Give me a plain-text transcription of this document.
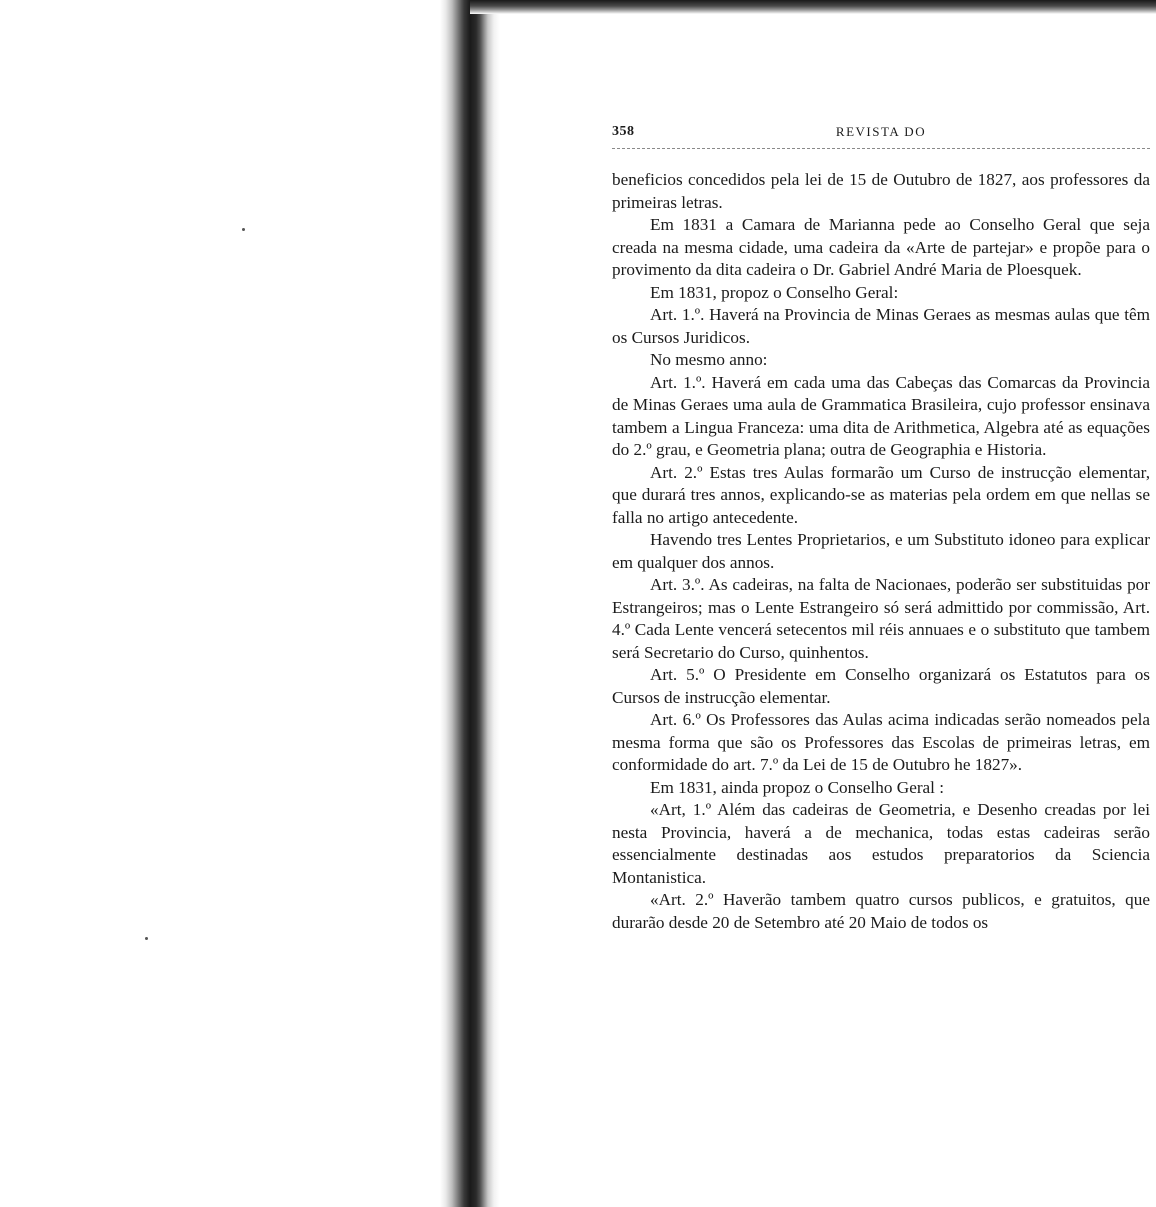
358	REVISTA DO

beneficios concedidos pela lei de 15 de Outubro de 1827, aos professores da primeiras letras.

Em 1831 a Camara de Marianna pede ao Conselho Geral que seja creada na mesma cidade, uma cadeira da «Arte de partejar» e propõe para o provimento da dita cadeira o Dr. Gabriel André Maria de Ploesquek.

Em 1831, propoz o Conselho Geral:

Art. 1.º. Haverá na Provincia de Minas Geraes as mesmas aulas que têm os Cursos Juridicos.

No mesmo anno:

Art. 1.º. Haverá em cada uma das Cabeças das Comarcas da Provincia de Minas Geraes uma aula de Grammatica Brasileira, cujo professor ensinava tambem a Lingua Franceza: uma dita de Arithmetica, Algebra até as equações do 2.º grau, e Geometria plana; outra de Geographia e Historia.

Art. 2.º Estas tres Aulas formarão um Curso de instrucção elementar, que durará tres annos, explicando-se as materias pela ordem em que nellas se falla no artigo antecedente.

Havendo tres Lentes Proprietarios, e um Substituto idoneo para explicar em qualquer dos annos.

Art. 3.º. As cadeiras, na falta de Nacionaes, poderão ser substituidas por Estrangeiros; mas o Lente Estrangeiro só será admittido por commissão, Art. 4.º Cada Lente vencerá setecentos mil réis annuaes e o substituto que tambem será Secretario do Curso, quinhentos.

Art. 5.º O Presidente em Conselho organizará os Estatutos para os Cursos de instrucção elementar.

Art. 6.º Os Professores das Aulas acima indicadas serão nomeados pela mesma forma que são os Professores das Escolas de primeiras letras, em conformidade do art. 7.º da Lei de 15 de Outubro he 1827».

Em 1831, ainda propoz o Conselho Geral :

«Art, 1.º Além das cadeiras de Geometria, e Desenho creadas por lei nesta Provincia, haverá a de mechanica, todas estas cadeiras serão essencialmente destinadas aos estudos preparatorios da Sciencia Montanistica.

«Art. 2.º Haverão tambem quatro cursos publicos, e gratuitos, que durarão desde 20 de Setembro até 20 Maio de todos os
